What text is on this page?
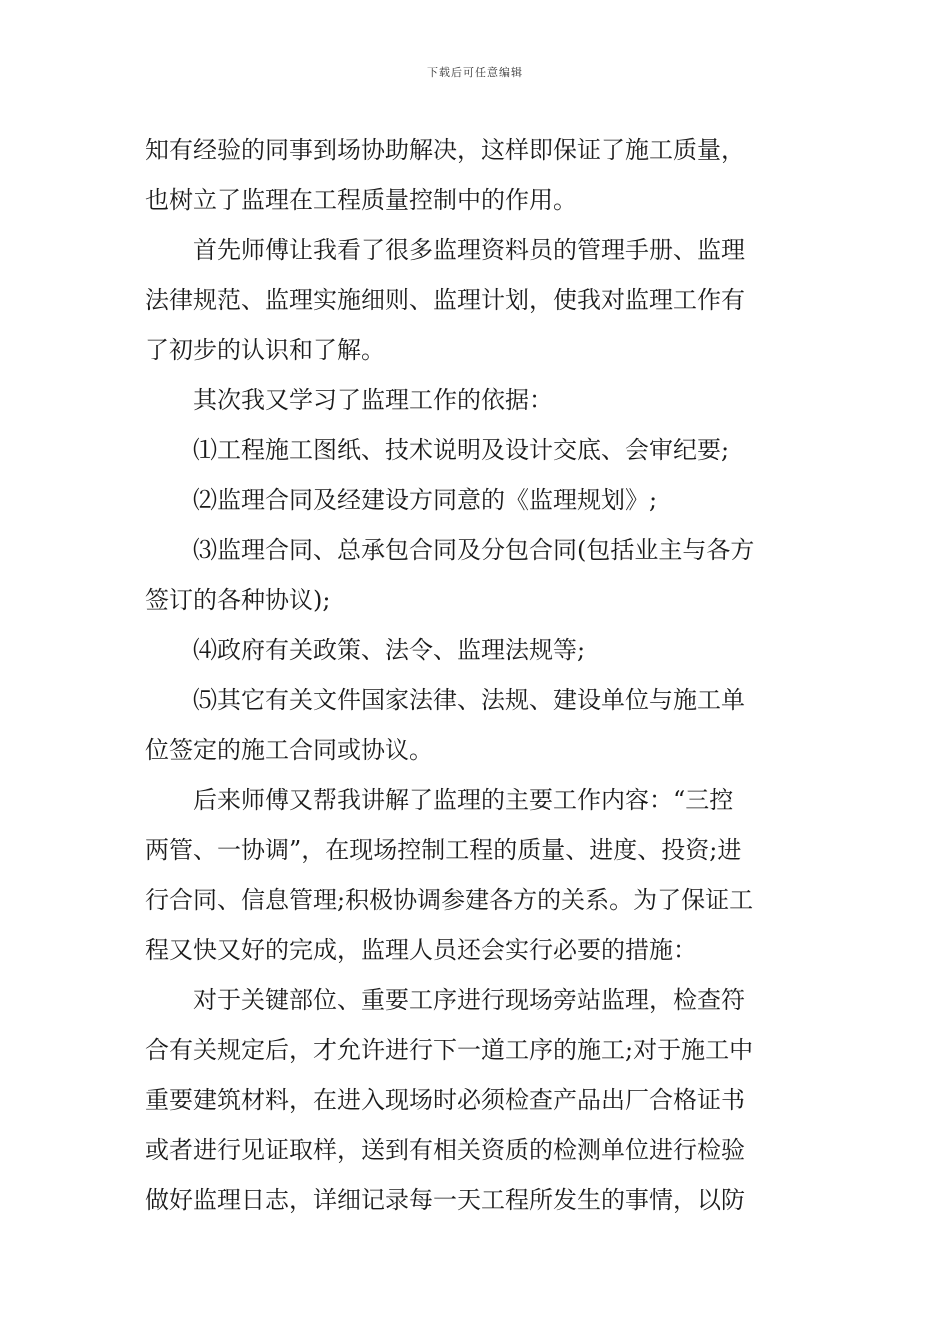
下载后可任意编辑
知有经验的同事到场协助解决，这样即保证了施工质量，
也树立了监理在工程质量控制中的作用。
首先师傅让我看了很多监理资料员的管理手册、监理
法律规范、监理实施细则、监理计划，使我对监理工作有
了初步的认识和了解。
其次我又学习了监理工作的依据：
⑴工程施工图纸、技术说明及设计交底、会审纪要;
⑵监理合同及经建设方同意的《监理规划》;
⑶监理合同、总承包合同及分包合同(包括业主与各方
签订的各种协议);
⑷政府有关政策、法令、监理法规等;
⑸其它有关文件国家法律、法规、建设单位与施工单
位签定的施工合同或协议。
后来师傅又帮我讲解了监理的主要工作内容：“三控
两管、一协调”，在现场控制工程的质量、进度、投资;进
行合同、信息管理;积极协调参建各方的关系。为了保证工
程又快又好的完成，监理人员还会实行必要的措施：
对于关键部位、重要工序进行现场旁站监理，检查符
合有关规定后，才允许进行下一道工序的施工;对于施工中
重要建筑材料，在进入现场时必须检查产品出厂合格证书
或者进行见证取样，送到有相关资质的检测单位进行检验
做好监理日志，详细记录每一天工程所发生的事情，以防
